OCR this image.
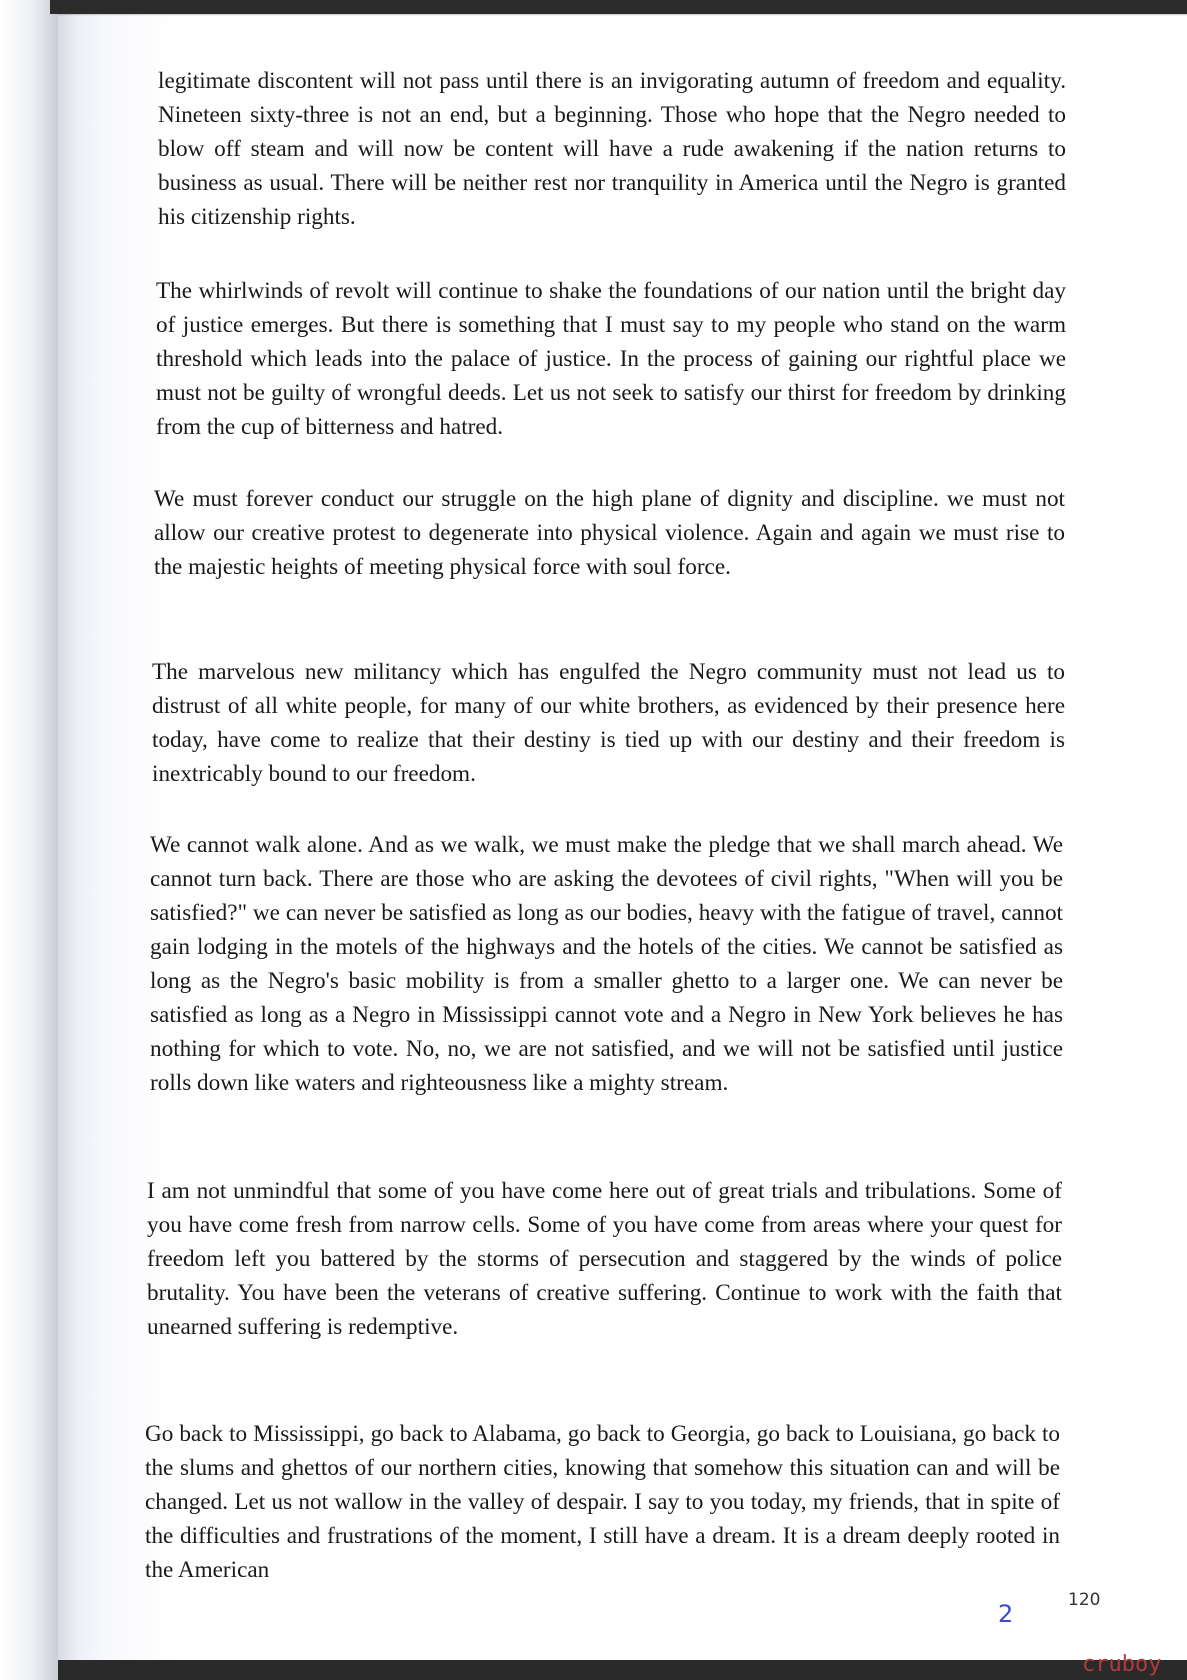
legitimate discontent will not pass until there is an invigorating autumn of freedom and equality. Nineteen sixty-three is not an end, but a beginning. Those who hope that the Negro needed to blow off steam and will now be content will have a rude awakening if the nation returns to business as usual. There will be neither rest nor tranquility in America until the Negro is granted his citizenship rights.

The whirlwinds of revolt will continue to shake the foundations of our nation until the bright day of justice emerges. But there is something that I must say to my people who stand on the warm threshold which leads into the palace of justice. In the process of gaining our rightful place we must not be guilty of wrongful deeds. Let us not seek to satisfy our thirst for freedom by drinking from the cup of bitterness and hatred.

We must forever conduct our struggle on the high plane of dignity and discipline. we must not allow our creative protest to degenerate into physical violence. Again and again we must rise to the majestic heights of meeting physical force with soul force.

The marvelous new militancy which has engulfed the Negro community must not lead us to distrust of all white people, for many of our white brothers, as evidenced by their presence here today, have come to realize that their destiny is tied up with our destiny and their freedom is inextricably bound to our freedom.

We cannot walk alone. And as we walk, we must make the pledge that we shall march ahead. We cannot turn back. There are those who are asking the devotees of civil rights, "When will you be satisfied?" we can never be satisfied as long as our bodies, heavy with the fatigue of travel, cannot gain lodging in the motels of the highways and the hotels of the cities. We cannot be satisfied as long as the Negro's basic mobility is from a smaller ghetto to a larger one. We can never be satisfied as long as a Negro in Mississippi cannot vote and a Negro in New York believes he has nothing for which to vote. No, no, we are not satisfied, and we will not be satisfied until justice rolls down like waters and righteousness like a mighty stream.

I am not unmindful that some of you have come here out of great trials and tribulations. Some of you have come fresh from narrow cells. Some of you have come from areas where your quest for freedom left you battered by the storms of persecution and staggered by the winds of police brutality. You have been the veterans of creative suffering. Continue to work with the faith that unearned suffering is redemptive.

Go back to Mississippi, go back to Alabama, go back to Georgia, go back to Louisiana, go back to the slums and ghettos of our northern cities, knowing that somehow this situation can and will be changed. Let us not wallow in the valley of despair. I say to you today, my friends, that in spite of the difficulties and frustrations of the moment, I still have a dream. It is a dream deeply rooted in the American

2	120

cruboy
